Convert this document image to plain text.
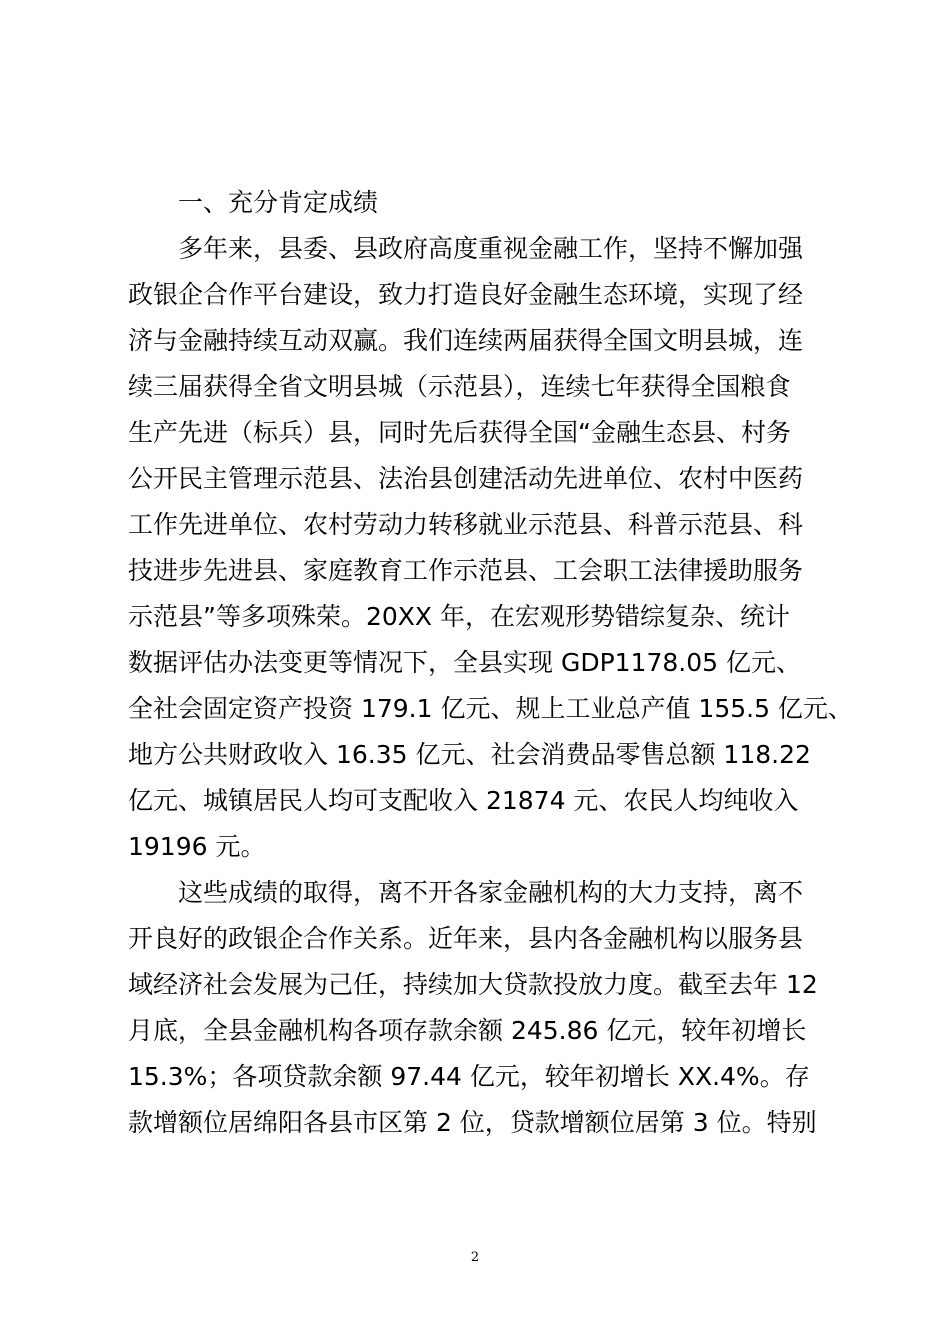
一、充分肯定成绩
多年来，县委、县政府高度重视金融工作，坚持不懈加强
政银企合作平台建设，致力打造良好金融生态环境，实现了经
济与金融持续互动双赢。我们连续两届获得全国文明县城，连
续三届获得全省文明县城（示范县），连续七年获得全国粮食
生产先进（标兵）县，同时先后获得全国“金融生态县、村务
公开民主管理示范县、法治县创建活动先进单位、农村中医药
工作先进单位、农村劳动力转移就业示范县、科普示范县、科
技进步先进县、家庭教育工作示范县、工会职工法律援助服务
示范县”等多项殊荣。20XX 年，在宏观形势错综复杂、统计
数据评估办法变更等情况下，全县实现 GDP1178.05 亿元、
全社会固定资产投资 179.1 亿元、规上工业总产值 155.5 亿元、
地方公共财政收入 16.35 亿元、社会消费品零售总额 118.22
亿元、城镇居民人均可支配收入 21874 元、农民人均纯收入
19196 元。
这些成绩的取得，离不开各家金融机构的大力支持，离不
开良好的政银企合作关系。近年来，县内各金融机构以服务县
域经济社会发展为己任，持续加大贷款投放力度。截至去年 12
月底，全县金融机构各项存款余额 245.86 亿元，较年初增长
15.3%；各项贷款余额 97.44 亿元，较年初增长 XX.4%。存
款增额位居绵阳各县市区第 2 位，贷款增额位居第 3 位。特别
2
